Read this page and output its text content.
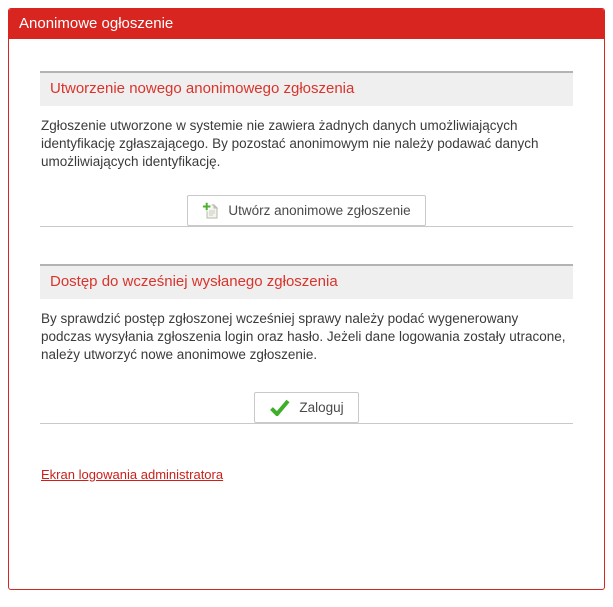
Anonimowe ogłoszenie
Utworzenie nowego anonimowego zgłoszenia

Zgłoszenie utworzone w systemie nie zawiera żadnych danych umożliwiających identyfikację zgłaszającego. By pozostać anonimowym nie należy podawać danych umożliwiających identyfikację.

Utwórz anonimowe zgłoszenie
Dostęp do wcześniej wysłanego zgłoszenia

By sprawdzić postęp zgłoszonej wcześniej sprawy należy podać wygenerowany podczas wysyłania zgłoszenia login oraz hasło. Jeżeli dane logowania zostały utracone, należy utworzyć nowe anonimowe zgłoszenie.

Zaloguj
Ekran logowania administratora
